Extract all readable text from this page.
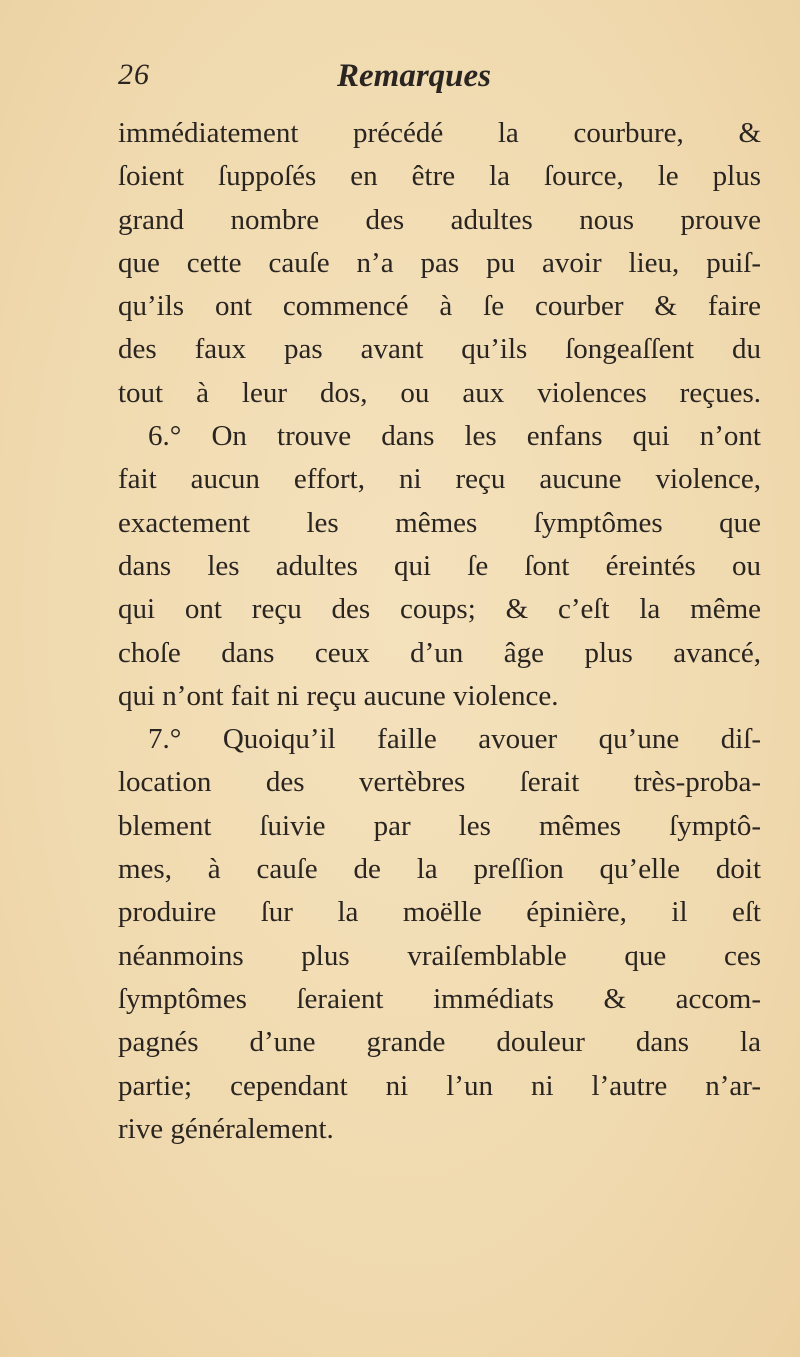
26	Remarques
immédiatement précédé la courbure, &
ſoient ſuppoſés en être la ſource, le plus
grand nombre des adultes nous prouve
que cette cauſe n’a pas pu avoir lieu, puiſ-
qu’ils ont commencé à ſe courber & faire
des faux pas avant qu’ils ſongeaſſent du
tout à leur dos, ou aux violences reçues.
6.° On trouve dans les enfans qui n’ont
fait aucun effort, ni reçu aucune violence,
exactement les mêmes ſymptômes que
dans les adultes qui ſe ſont éreintés ou
qui ont reçu des coups; & c’eſt la même
choſe dans ceux d’un âge plus avancé,
qui n’ont fait ni reçu aucune violence.
7.° Quoiqu’il faille avouer qu’une diſ-
location des vertèbres ſerait très-proba-
blement ſuivie par les mêmes ſymptô-
mes, à cauſe de la preſſion qu’elle doit
produire ſur la moëlle épinière, il eſt
néanmoins plus vraiſemblable que ces
ſymptômes ſeraient immédiats & accom-
pagnés d’une grande douleur dans la
partie; cependant ni l’un ni l’autre n’ar-
rive généralement.
